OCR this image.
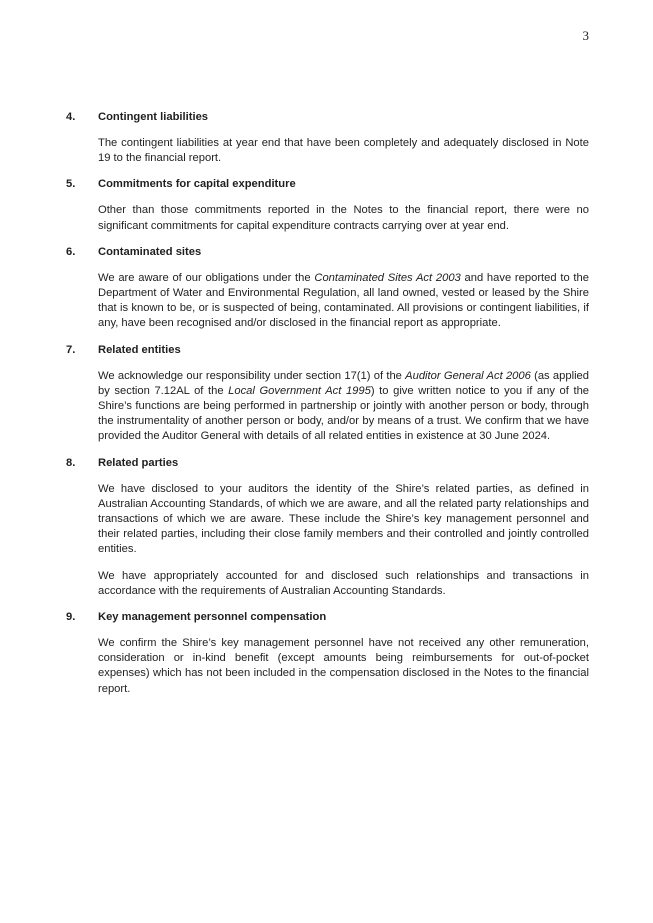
3
4.	Contingent liabilities

The contingent liabilities at year end that have been completely and adequately disclosed in Note 19 to the financial report.

5.	Commitments for capital expenditure

Other than those commitments reported in the Notes to the financial report, there were no significant commitments for capital expenditure contracts carrying over at year end.

6.	Contaminated sites

We are aware of our obligations under the Contaminated Sites Act 2003 and have reported to the Department of Water and Environmental Regulation, all land owned, vested or leased by the Shire that is known to be, or is suspected of being, contaminated. All provisions or contingent liabilities, if any, have been recognised and/or disclosed in the financial report as appropriate.

7.	Related entities

We acknowledge our responsibility under section 17(1) of the Auditor General Act 2006 (as applied by section 7.12AL of the Local Government Act 1995) to give written notice to you if any of the Shire’s functions are being performed in partnership or jointly with another person or body, through the instrumentality of another person or body, and/or by means of a trust. We confirm that we have provided the Auditor General with details of all related entities in existence at 30 June 2024.

8.	Related parties

We have disclosed to your auditors the identity of the Shire’s related parties, as defined in Australian Accounting Standards, of which we are aware, and all the related party relationships and transactions of which we are aware. These include the Shire’s key management personnel and their related parties, including their close family members and their controlled and jointly controlled entities.

We have appropriately accounted for and disclosed such relationships and transactions in accordance with the requirements of Australian Accounting Standards.

9.	Key management personnel compensation

We confirm the Shire’s key management personnel have not received any other remuneration, consideration or in-kind benefit (except amounts being reimbursements for out-of-pocket expenses) which has not been included in the compensation disclosed in the Notes to the financial report.
